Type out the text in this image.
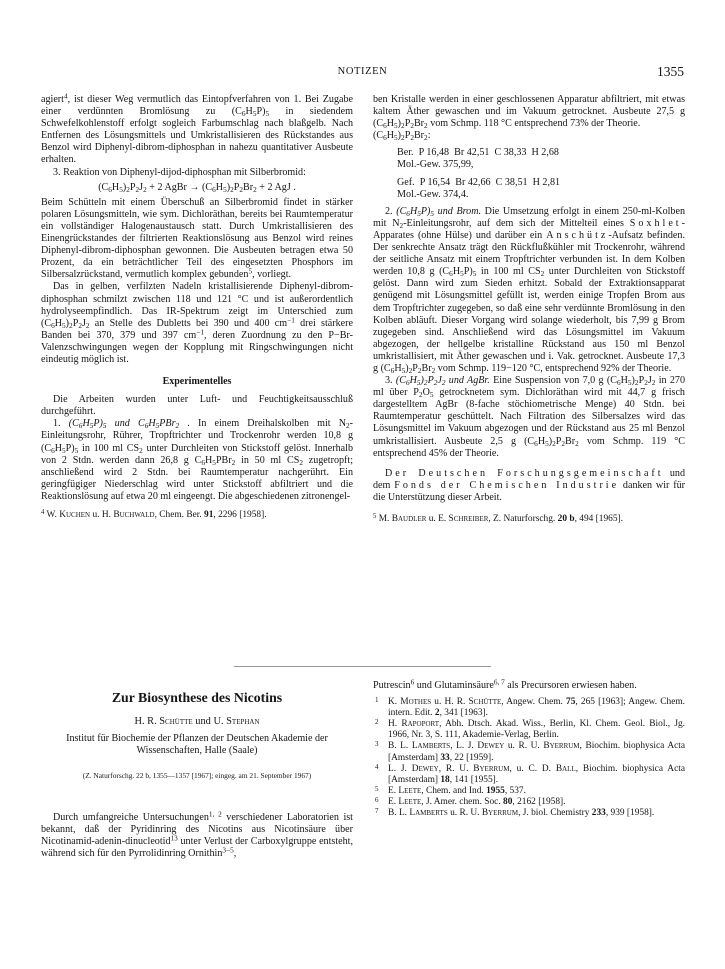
NOTIZEN	1355

agiert$^4$, ist dieser Weg vermutlich das Eintopfverfahren von 1. Bei Zugabe einer verdünnten Bromlösung zu $(C_6H_5P)_5$ in siedendem Schwefelkohlenstoff erfolgt sogleich Farbumschlag nach blaßgelb. Nach Entfernen des Lösungsmittels und Umkristallisieren des Rückstandes aus Benzol wird Diphenyl-dibrom-diphosphan in nahezu quantitativer Ausbeute erhalten.

3. Reaktion von Diphenyl-dijod-diphosphan mit Silberbromid:

$(C_6H_5)_2P_2J_2 + 2$ AgBr → $(C_6H_5)_2P_2Br_2 + 2$ AgJ .

Beim Schütteln mit einem Überschuß an Silberbromid findet in stärker polaren Lösungsmitteln, wie sym. Dichloräthan, bereits bei Raumtemperatur ein vollständiger Halogenaustausch statt. Durch Umkristallisieren des Einengrückstandes der filtrierten Reaktionslösung aus Benzol wird reines Diphenyl-dibrom-diphosphan gewonnen. Die Ausbeuten betragen etwa 50 Prozent, da ein beträchtlicher Teil des eingesetzten Phosphors im Silbersalzrückstand, vermutlich komplex gebunden$^5$, vorliegt.

Das in gelben, verfilzten Nadeln kristallisierende Diphenyl-dibrom-diphosphan schmilzt zwischen 118 und 121 °C und ist außerordentlich hydrolyseempfindlich. Das IR-Spektrum zeigt im Unterschied zum $(C_6H_5)_2P_2J_2$ an Stelle des Dubletts bei 390 und 400 $cm^{-1}$ drei stärkere Banden bei 370, 379 und 397 $cm^{-1}$, deren Zuordnung zu den P−Br-Valenzschwingungen wegen der Kopplung mit Ringschwingungen nicht eindeutig möglich ist.

Experimentelles

Die Arbeiten wurden unter Luft- und Feuchtigkeitsausschluß durchgeführt.

1. $(C_6H_5P)_5$ und $C_6H_5PBr_2$ . In einem Dreihalskolben mit $N_2$-Einleitungsrohr, Rührer, Tropftrichter und Trockenrohr werden 10,8 g $(C_6H_5P)_5$ in 100 ml $CS_2$ unter Durchleiten von Stickstoff gelöst. Innerhalb von 2 Stdn. werden dann 26,8 g $C_6H_5PBr_2$ in 50 ml $CS_2$ zugetropft; anschließend wird 2 Stdn. bei Raumtemperatur nachgerührt. Ein geringfügiger Niederschlag wird unter Stickstoff abfiltriert und die Reaktionslösung auf etwa 20 ml eingeengt. Die abgeschiedenen zitronengel-

$^4$ W. Kuchen u. H. Buchwald, Chem. Ber. 91, 2296 [1958].

ben Kristalle werden in einer geschlossenen Apparatur abfiltriert, mit etwas kaltem Äther gewaschen und im Vakuum getrocknet. Ausbeute 27,5 g $(C_6H_5)_2P_2Br_2$ vom Schmp. 118 °C entsprechend 73% der Theorie.

$(C_6H_5)_2P_2Br_2$:

Ber.  P 16,48  Br 42,51  C 38,33  H 2,68
Mol.-Gew. 375,99,

Gef.  P 16,54  Br 42,66  C 38,51  H 2,81
Mol.-Gew. 374,4.

2. $(C_6H_5P)_5$ und Brom. Die Umsetzung erfolgt in einem 250-ml-Kolben mit $N_2$-Einleitungsrohr, auf dem sich der Mittelteil eines Soxhlet-Apparates (ohne Hülse) und darüber ein Anschütz-Aufsatz befinden. Der senkrechte Ansatz trägt den Rückflußkühler mit Trockenrohr, während der seitliche Ansatz mit einem Tropftrichter verbunden ist. In dem Kolben werden 10,8 g $(C_6H_5P)_5$ in 100 ml $CS_2$ unter Durchleiten von Stickstoff gelöst. Dann wird zum Sieden erhitzt. Sobald der Extraktionsapparat genügend mit Lösungsmittel gefüllt ist, werden einige Tropfen Brom aus dem Tropftrichter zugegeben, so daß eine sehr verdünnte Bromlösung in den Kolben abläuft. Dieser Vorgang wird solange wiederholt, bis 7,99 g Brom zugegeben sind. Anschließend wird das Lösungsmittel im Vakuum abgezogen, der hellgelbe kristalline Rückstand aus 150 ml Benzol umkristallisiert, mit Äther gewaschen und i. Vak. getrocknet. Ausbeute 17,3 g $(C_6H_5)_2P_2Br_2$ vom Schmp. 119−120 °C, entsprechend 92% der Theorie.

3. $(C_6H_5)_2P_2J_2$ und AgBr. Eine Suspension von 7,0 g $(C_6H_5)_2P_2J_2$ in 270 ml über $P_2O_5$ getrocknetem sym. Dichloräthan wird mit 44,7 g frisch dargestelltem AgBr (8-fache stöchiometrische Menge) 40 Stdn. bei Raumtemperatur geschüttelt. Nach Filtration des Silbersalzes wird das Lösungsmittel im Vakuum abgezogen und der Rückstand aus 25 ml Benzol umkristallisiert. Ausbeute 2,5 g $(C_6H_5)_2P_2Br_2$ vom Schmp. 119 °C entsprechend 45% der Theorie.

Der Deutschen Forschungsgemeinschaft und dem Fonds der Chemischen Industrie danken wir für die Unterstützung dieser Arbeit.

$^5$ M. Baudler u. E. Schreiber, Z. Naturforschg. 20 b, 494 [1965].

Zur Biosynthese des Nicotins
H. R. Schütte und U. Stephan
Institut für Biochemie der Pflanzen der Deutschen Akademie der Wissenschaften, Halle (Saale)
(Z. Naturforschg. 22 b, 1355—1357 [1967]; eingeg. am 21. September 1967)

Durch umfangreiche Untersuchungen$^{1, 2}$ verschiedener Laboratorien ist bekannt, daß der Pyridinring des Nicotins aus Nicotinsäure über Nicotinamid-adenin-dinucleotid$^{13}$ unter Verlust der Carboxylgruppe entsteht, während sich für den Pyrrolidinring Ornithin$^{3-5}$,

Putrescin$^6$ und Glutaminsäure$^{6, 7}$ als Precursoren erwiesen haben.

1 K. Mothes u. H. R. Schütte, Angew. Chem. 75, 265 [1963]; Angew. Chem. intern. Edit. 2, 341 [1963].
2 H. Rapoport, Abh. Dtsch. Akad. Wiss., Berlin, Kl. Chem. Geol. Biol., Jg. 1966, Nr. 3, S. 111, Akademie-Verlag, Berlin.
3 B. L. Lamberts, L. J. Dewey u. R. U. Byerrum, Biochim. biophysica Acta [Amsterdam] 33, 22 [1959].
4 L. J. Dewey, R. U. Byerrum, u. C. D. Ball, Biochim. biophysica Acta [Amsterdam] 18, 141 [1955].
5 E. Leete, Chem. and Ind. 1955, 537.
6 E. Leete, J. Amer. chem. Soc. 80, 2162 [1958].
7 B. L. Lamberts u. R. U. Byerrum, J. biol. Chemistry 233, 939 [1958].
